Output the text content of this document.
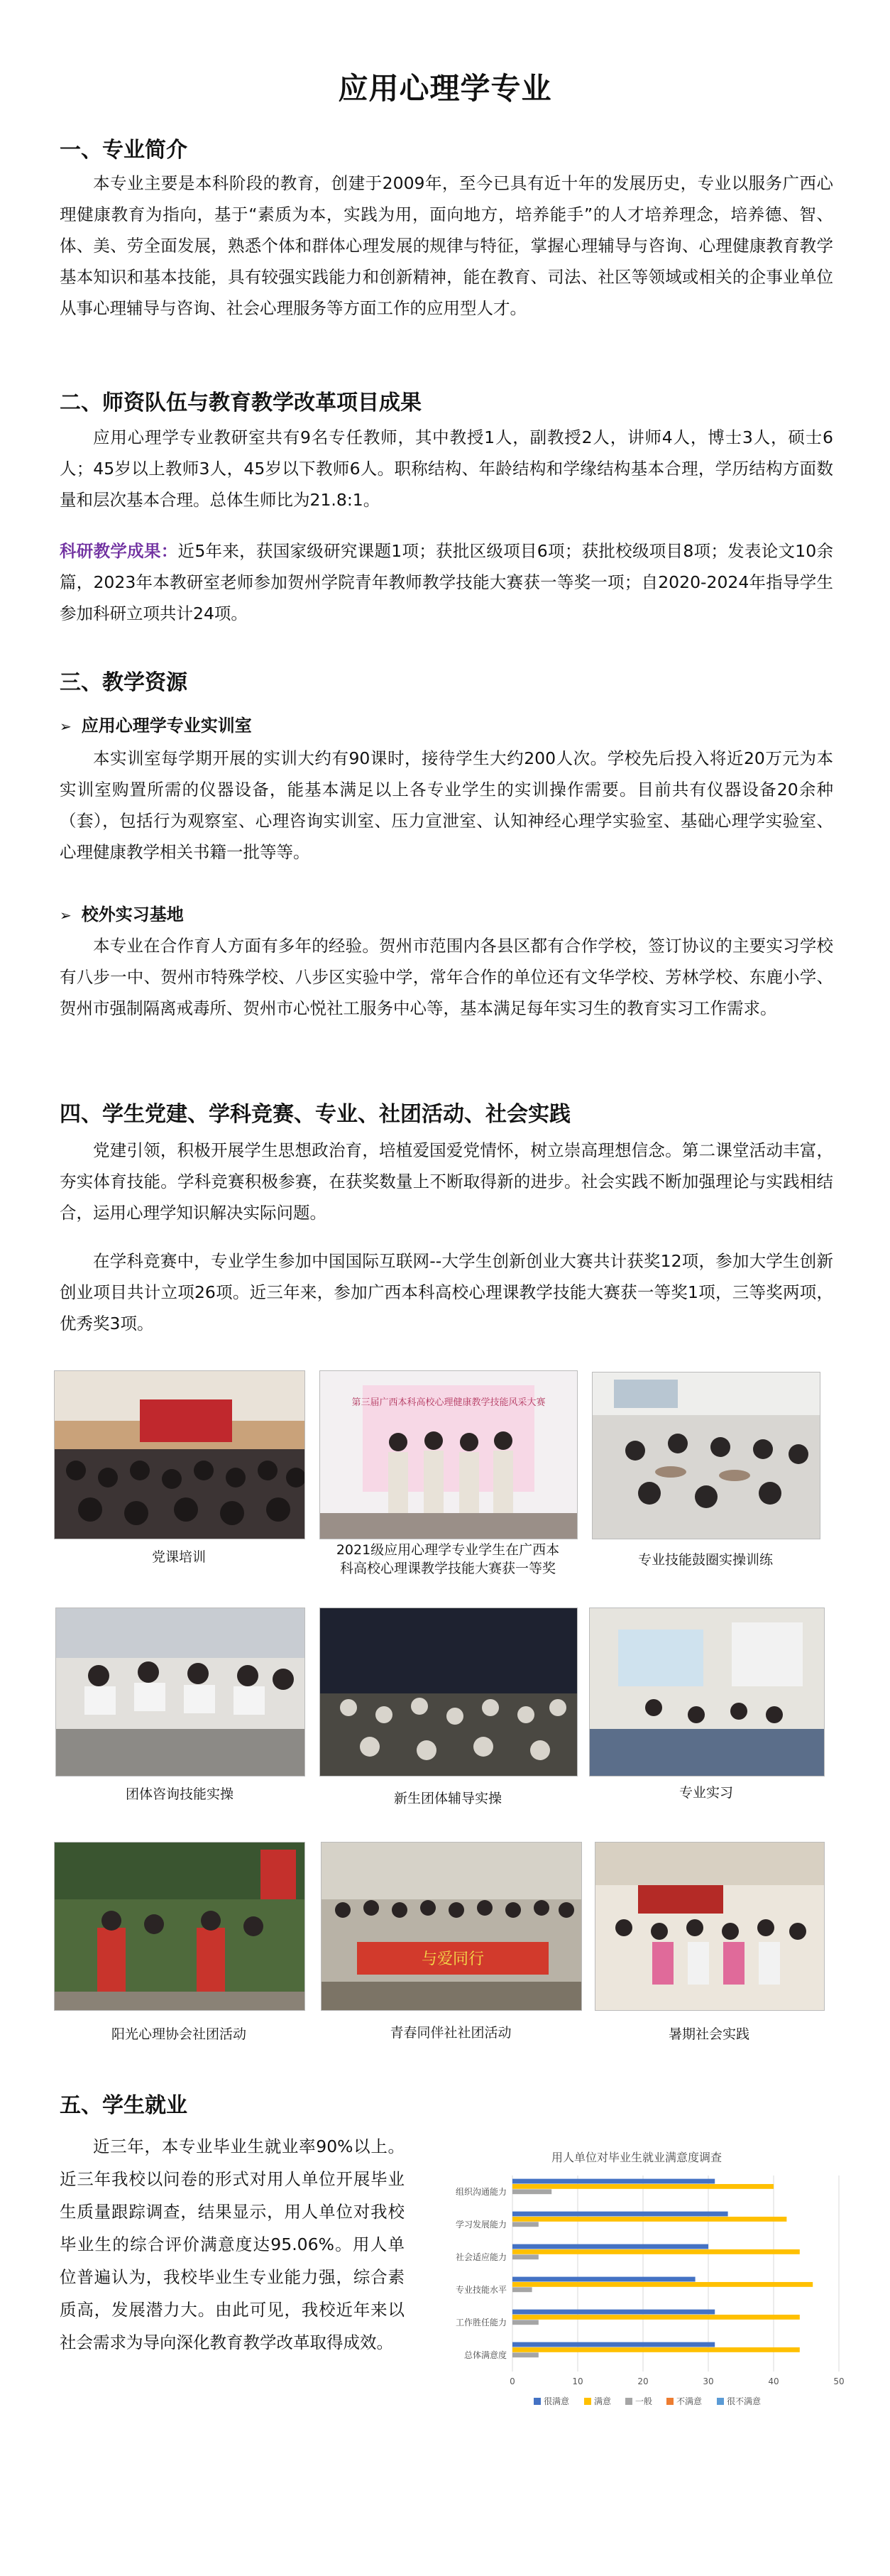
应用心理学专业
一、专业简介

本专业主要是本科阶段的教育，创建于2009年，至今已具有近十年的发展历史，专业以服务广西心理健康教育为指向，基于“素质为本，实践为用，面向地方，培养能手”的人才培养理念，培养德、智、体、美、劳全面发展，熟悉个体和群体心理发展的规律与特征，掌握心理辅导与咨询、心理健康教育教学基本知识和基本技能，具有较强实践能力和创新精神，能在教育、司法、社区等领域或相关的企事业单位从事心理辅导与咨询、社会心理服务等方面工作的应用型人才。

二、师资队伍与教育教学改革项目成果

应用心理学专业教研室共有9名专任教师，其中教授1人，副教授2人，讲师4人，博士3人，硕士6人；45岁以上教师3人，45岁以下教师6人。职称结构、年龄结构和学缘结构基本合理，学历结构方面数量和层次基本合理。总体生师比为21.8:1。

科研教学成果：近5年来，获国家级研究课题1项；获批区级项目6项；获批校级项目8项；发表论文10余篇，2023年本教研室老师参加贺州学院青年教师教学技能大赛获一等奖一项；自2020-2024年指导学生参加科研立项共计24项。

三、教学资源
➢ 应用心理学专业实训室

本实训室每学期开展的实训大约有90课时，接待学生大约200人次。学校先后投入将近20万元为本实训室购置所需的仪器设备，能基本满足以上各专业学生的实训操作需要。目前共有仪器设备20余种（套），包括行为观察室、心理咨询实训室、压力宣泄室、认知神经心理学实验室、基础心理学实验室、心理健康教学相关书籍一批等等。

➢ 校外实习基地

本专业在合作育人方面有多年的经验。贺州市范围内各县区都有合作学校，签订协议的主要实习学校有八步一中、贺州市特殊学校、八步区实验中学，常年合作的单位还有文华学校、芳林学校、东鹿小学、贺州市强制隔离戒毒所、贺州市心悦社工服务中心等，基本满足每年实习生的教育实习工作需求。

四、学生党建、学科竞赛、专业、社团活动、社会实践

党建引领，积极开展学生思想政治育，培植爱国爱党情怀，树立崇高理想信念。第二课堂活动丰富，夯实体育技能。学科竞赛积极参赛，在获奖数量上不断取得新的进步。社会实践不断加强理论与实践相结合，运用心理学知识解决实际问题。

在学科竞赛中，专业学生参加中国国际互联网--大学生创新创业大赛共计获奖12项，参加大学生创新创业项目共计立项26项。近三年来，参加广西本科高校心理课教学技能大赛获一等奖1项，三等奖两项，优秀奖3项。

党课培训
第三届广西本科高校心理健康教学技能风采大赛
2021级应用心理学专业学生在广西本科高校心理课教学技能大赛获一等奖
专业技能鼓圈实操训练
团体咨询技能实操	新生团体辅导实操	专业实习
阳光心理协会社团活动
与爱同行
青春同伴社社团活动	暑期社会实践
五、学生就业

近三年，本专业毕业生就业率90%以上。近三年我校以问卷的形式对用人单位开展毕业生质量跟踪调查，结果显示，用人单位对我校毕业生的综合评价满意度达95.06%。用人单位普遍认为，我校毕业生专业能力强，综合素质高，发展潜力大。由此可见，我校近年来以社会需求为导向深化教育教学改革取得成效。

用人单位对毕业生就业满意度调查
0	10	20	30	40	50
组织沟通能力
学习发展能力
社会适应能力
专业技能水平
工作胜任能力
总体满意度
很满意	满意	一般	不满意	很不满意
